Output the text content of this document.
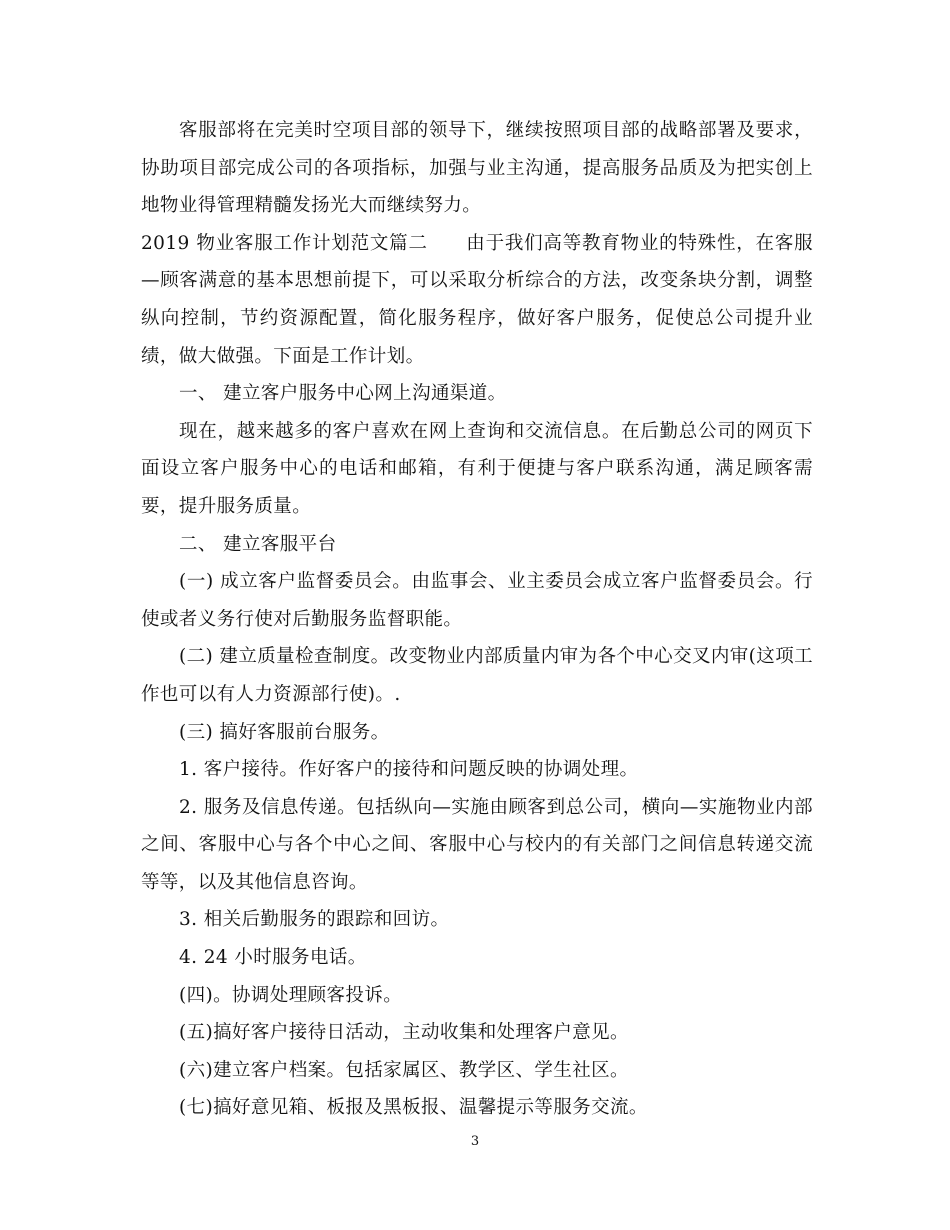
客服部将在完美时空项目部的领导下，继续按照项目部的战略部署及要求，协助项目部完成公司的各项指标，加强与业主沟通，提高服务品质及为把实创上地物业得管理精髓发扬光大而继续努力。

2019 物业客服工作计划范文篇二　　由于我们高等教育物业的特殊性，在客服—顾客满意的基本思想前提下，可以采取分析综合的方法，改变条块分割，调整纵向控制，节约资源配置，简化服务程序，做好客户服务，促使总公司提升业绩，做大做强。下面是工作计划。

一、 建立客户服务中心网上沟通渠道。

现在，越来越多的客户喜欢在网上查询和交流信息。在后勤总公司的网页下面设立客户服务中心的电话和邮箱，有利于便捷与客户联系沟通，满足顾客需要，提升服务质量。

二、 建立客服平台

(一) 成立客户监督委员会。由监事会、业主委员会成立客户监督委员会。行使或者义务行使对后勤服务监督职能。

(二) 建立质量检查制度。改变物业内部质量内审为各个中心交叉内审(这项工作也可以有人力资源部行使)。.

(三) 搞好客服前台服务。

1. 客户接待。作好客户的接待和问题反映的协调处理。

2. 服务及信息传递。包括纵向—实施由顾客到总公司，横向—实施物业内部之间、客服中心与各个中心之间、客服中心与校内的有关部门之间信息转递交流等等，以及其他信息咨询。

3. 相关后勤服务的跟踪和回访。

4. 24 小时服务电话。

(四)。协调处理顾客投诉。

(五)搞好客户接待日活动，主动收集和处理客户意见。

(六)建立客户档案。包括家属区、教学区、学生社区。

(七)搞好意见箱、板报及黑板报、温馨提示等服务交流。

3
